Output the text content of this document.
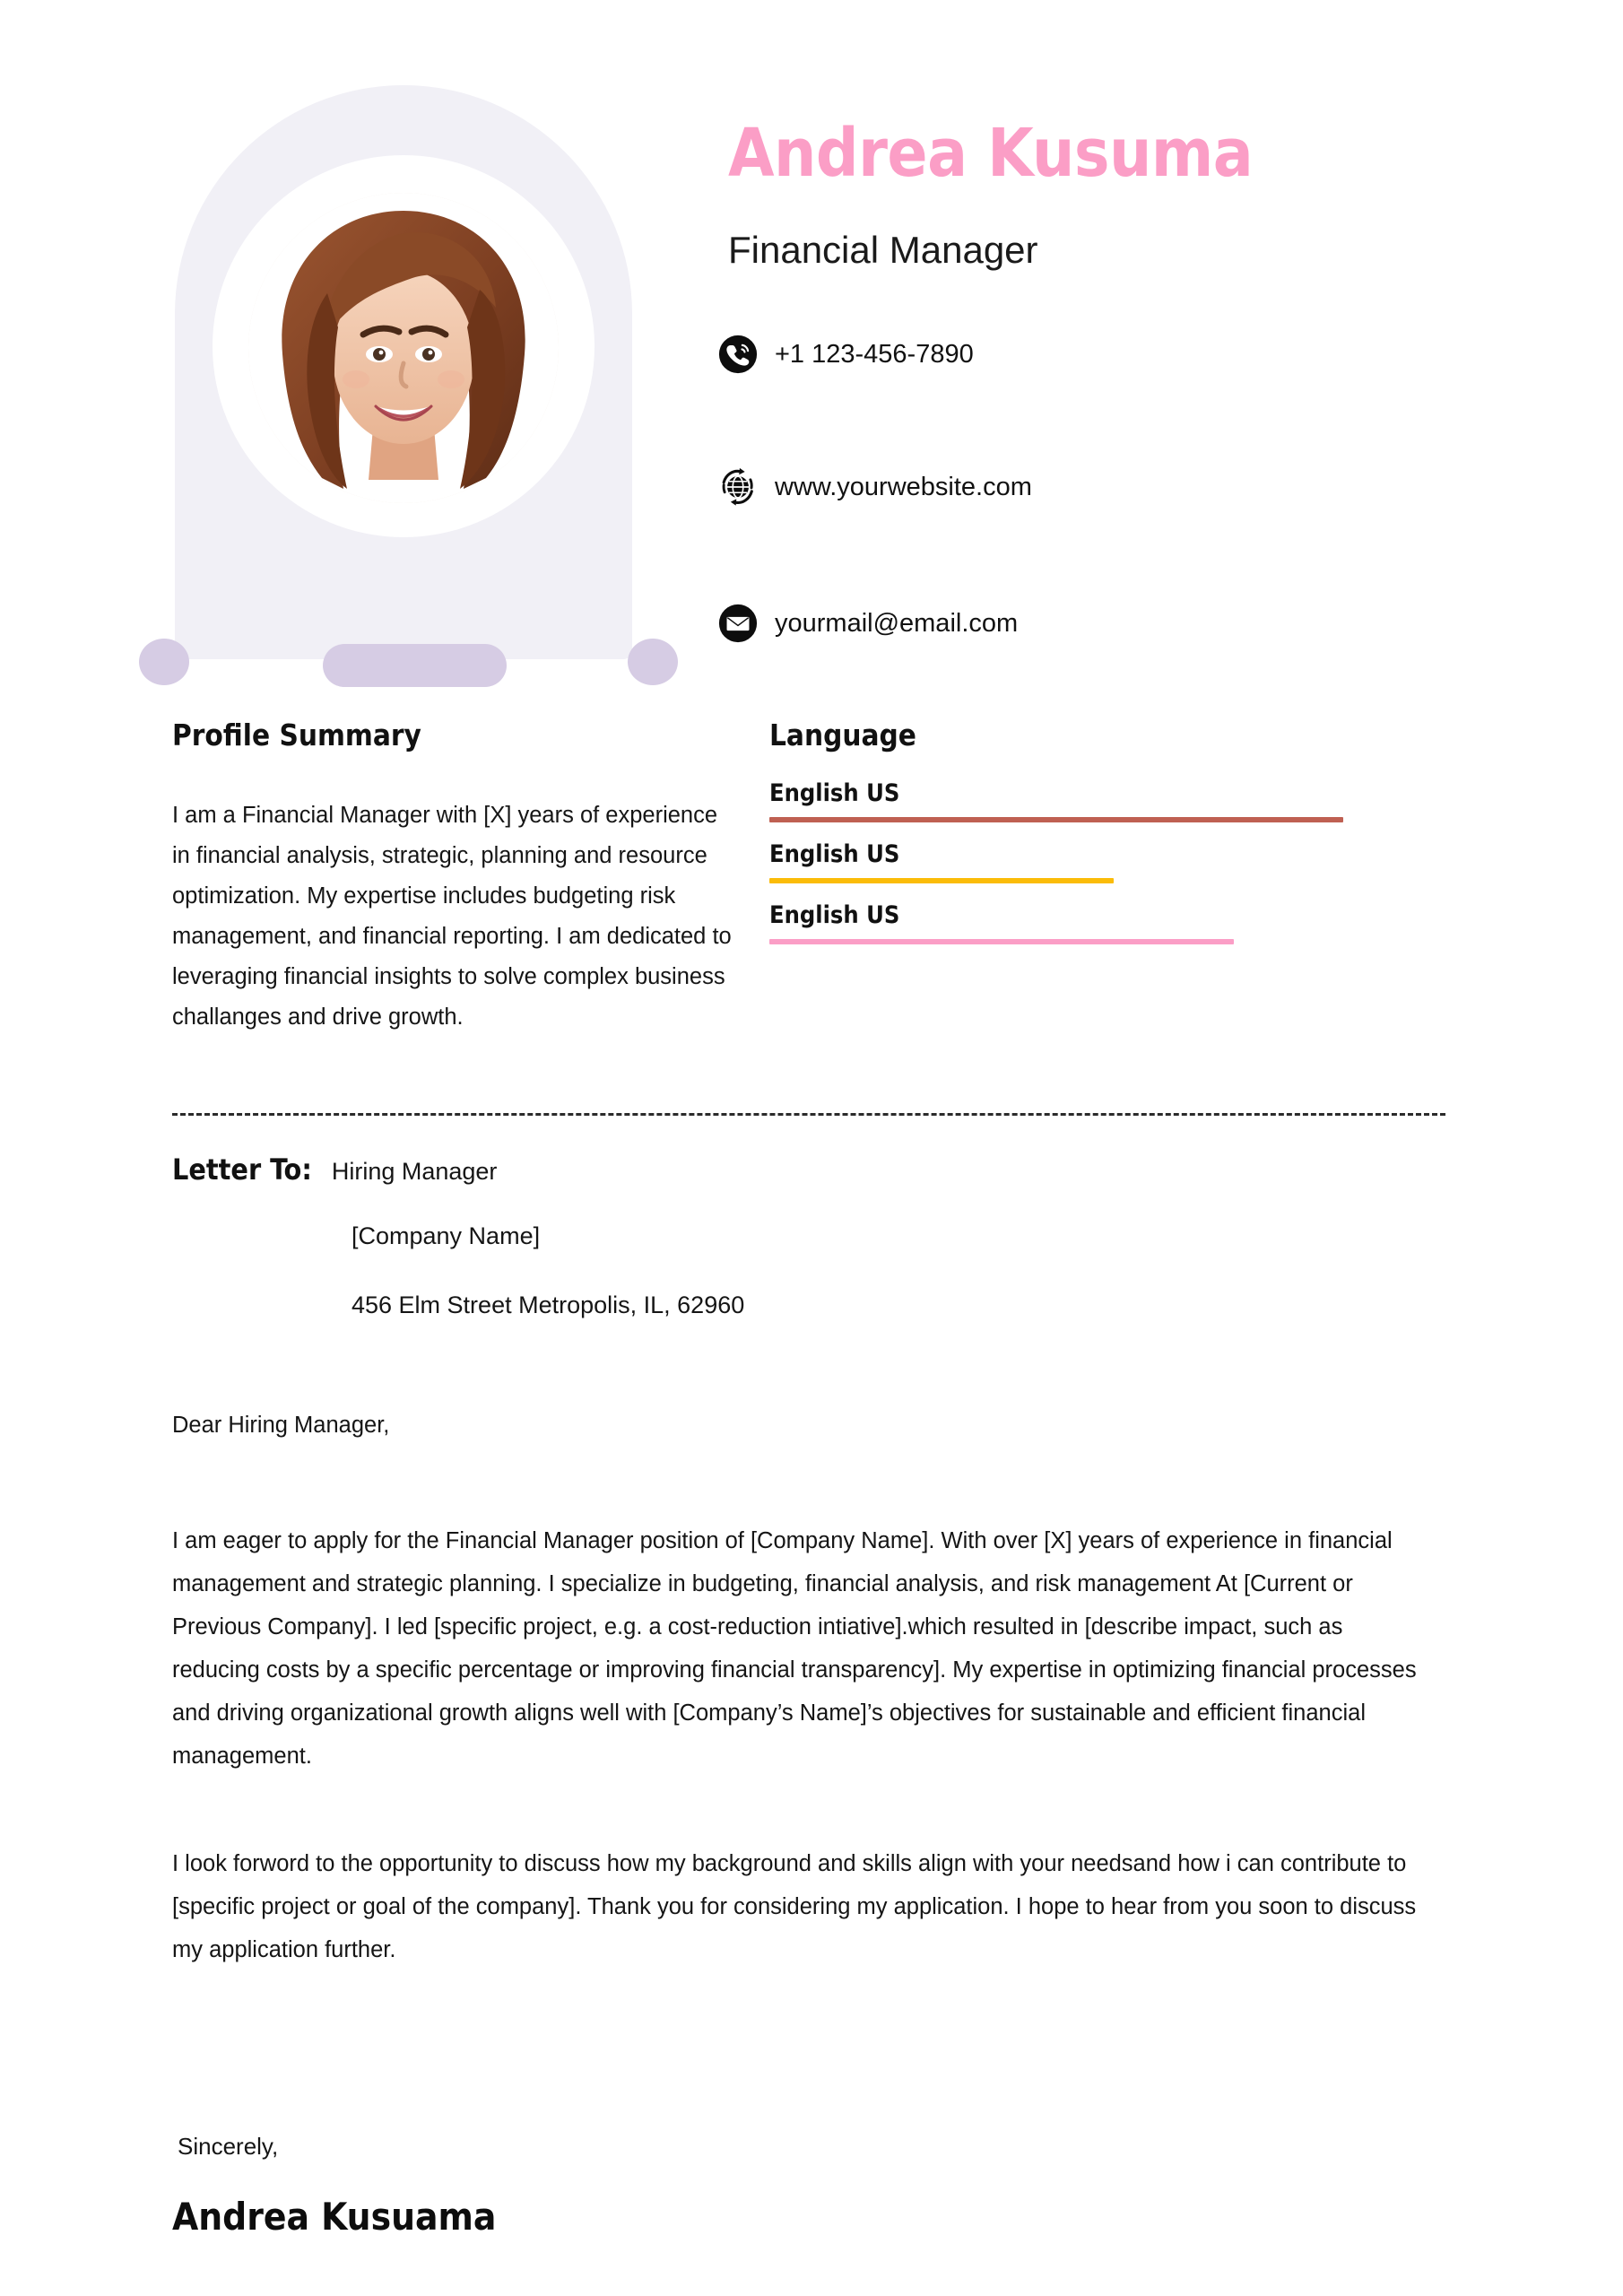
Andrea Kusuma
Financial Manager
+1 123-456-7890
www.yourwebsite.com
yourmail@email.com
Profile Summary

I am a Financial Manager with [X] years of experience in financial analysis, strategic, planning and resource optimization. My expertise includes budgeting risk management, and financial reporting. I am dedicated to leveraging financial insights to solve complex business challanges and drive growth.

Language
English US
English US
English US
Letter To: Hiring Manager
[Company Name]
456 Elm Street Metropolis, IL, 62960
Dear Hiring Manager,

I am eager to apply for the Financial Manager position of [Company Name]. With over [X] years of experience in financial management and strategic planning. I specialize in budgeting, financial analysis, and risk management At [Current or Previous Company]. I led [specific project, e.g. a cost-reduction intiative].which resulted in [describe impact, such as reducing costs by a specific percentage or improving financial transparency]. My expertise in optimizing financial processes and driving organizational growth aligns well with [Company’s Name]’s objectives for sustainable and efficient financial management.

I look forword to the opportunity to discuss how my background and skills align with your needsand how i can contribute to [specific project or goal of the company]. Thank you for considering my application. I hope to hear from you soon to discuss my application further.

Sincerely,
Andrea Kusuama
